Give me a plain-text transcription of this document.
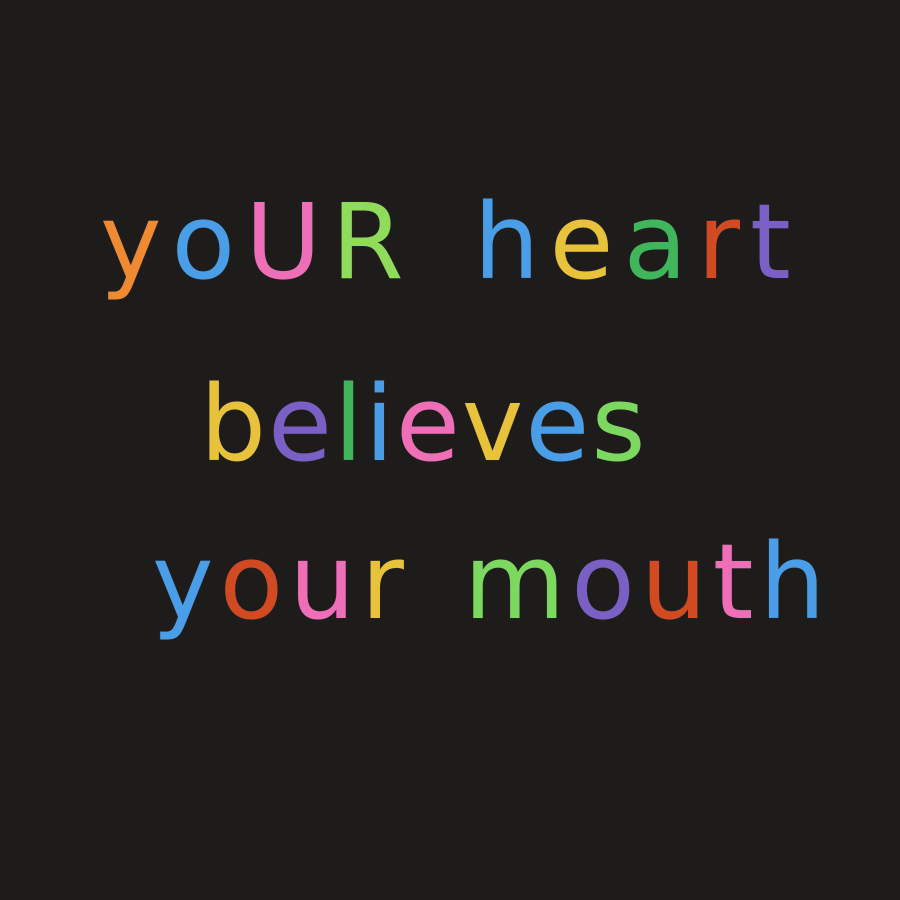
y o U R h e a r t
b e l i e v e s
y o u r m o u t h
